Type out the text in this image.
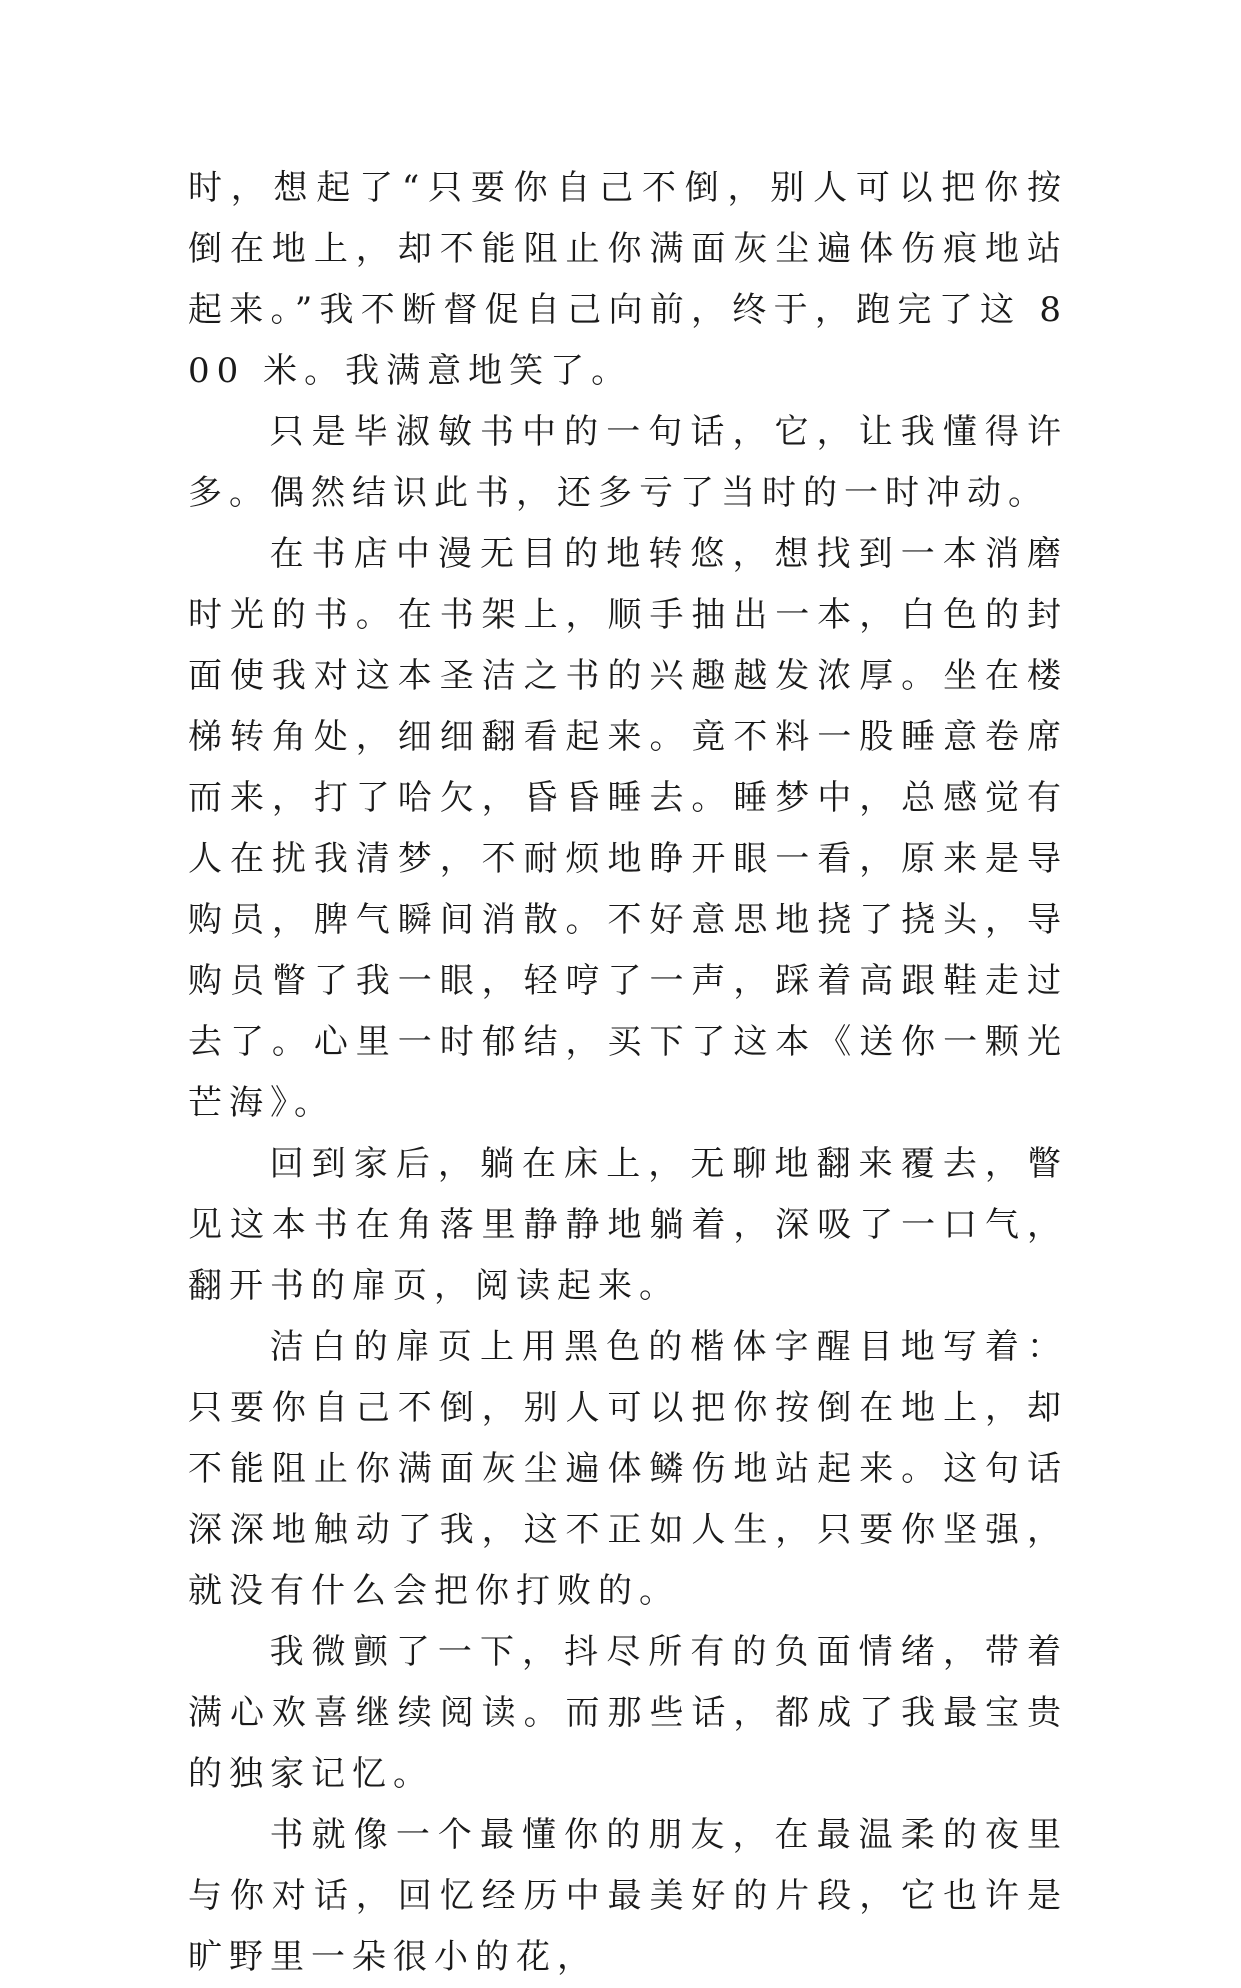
时，想起了“只要你自己不倒，别人可以把你按倒在地上，却不能阻止你满面灰尘遍体伤痕地站起来。”我不断督促自己向前，终于，跑完了这 800 米。我满意地笑了。

只是毕淑敏书中的一句话，它，让我懂得许多。偶然结识此书，还多亏了当时的一时冲动。

在书店中漫无目的地转悠，想找到一本消磨时光的书。在书架上，顺手抽出一本，白色的封面使我对这本圣洁之书的兴趣越发浓厚。坐在楼梯转角处，细细翻看起来。竟不料一股睡意卷席而来，打了哈欠，昏昏睡去。睡梦中，总感觉有人在扰我清梦，不耐烦地睁开眼一看，原来是导购员，脾气瞬间消散。不好意思地挠了挠头，导购员瞥了我一眼，轻哼了一声，踩着高跟鞋走过去了。心里一时郁结，买下了这本《送你一颗光芒海》。

回到家后，躺在床上，无聊地翻来覆去，瞥见这本书在角落里静静地躺着，深吸了一口气，翻开书的扉页，阅读起来。

洁白的扉页上用黑色的楷体字醒目地写着：只要你自己不倒，别人可以把你按倒在地上，却不能阻止你满面灰尘遍体鳞伤地站起来。这句话深深地触动了我，这不正如人生，只要你坚强，就没有什么会把你打败的。

我微颤了一下，抖尽所有的负面情绪，带着满心欢喜继续阅读。而那些话，都成了我最宝贵的独家记忆。

书就像一个最懂你的朋友，在最温柔的夜里与你对话，回忆经历中最美好的片段，它也许是旷野里一朵很小的花，
